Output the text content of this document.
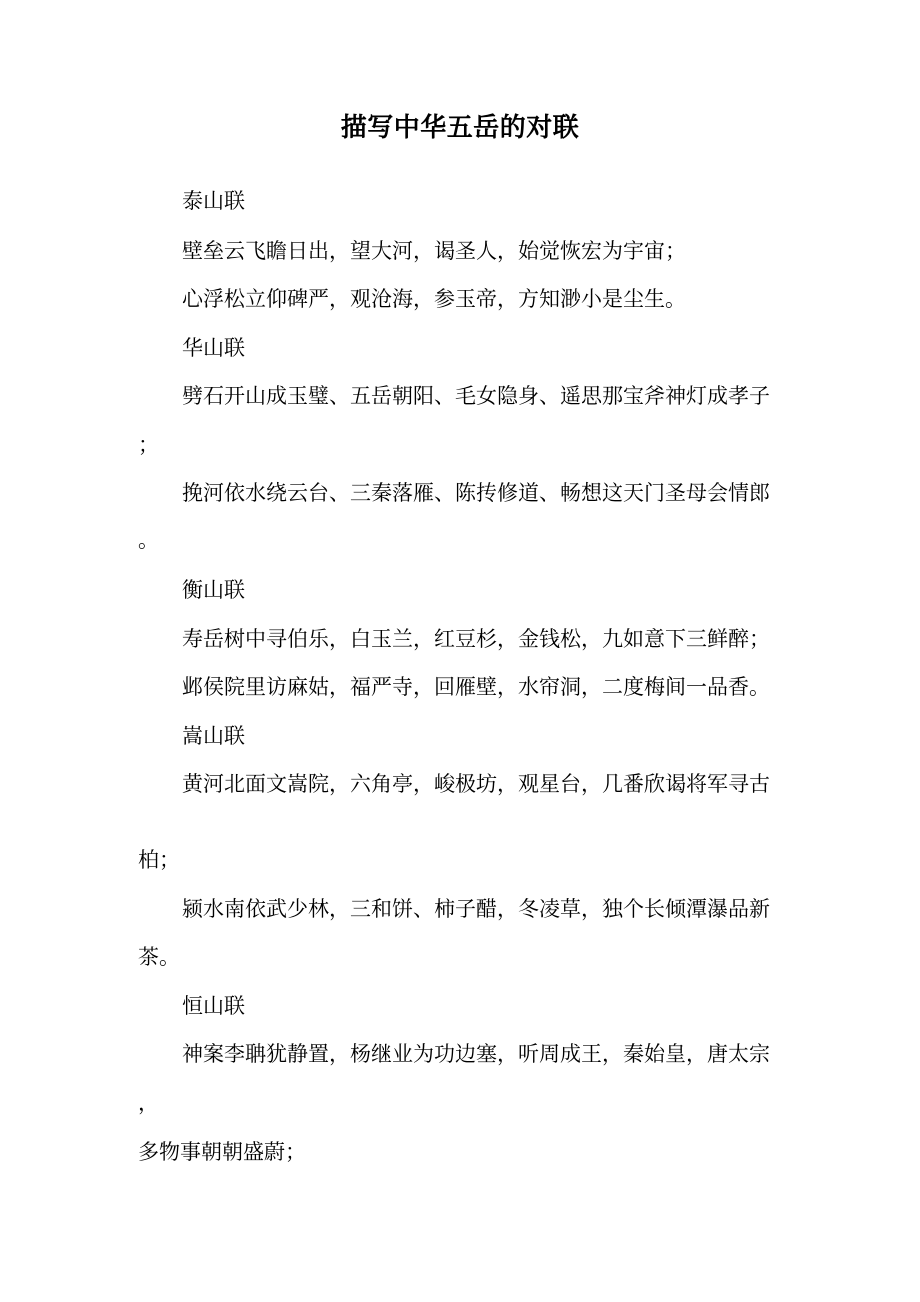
描写中华五岳的对联
泰山联
壁垒云飞瞻日出，望大河，谒圣人，始觉恢宏为宇宙；
心浮松立仰碑严，观沧海，参玉帝，方知渺小是尘生。
华山联
劈石开山成玉璧、五岳朝阳、毛女隐身、遥思那宝斧神灯成孝子
；
挽河依水绕云台、三秦落雁、陈抟修道、畅想这天门圣母会情郎
。
衡山联
寿岳树中寻伯乐，白玉兰，红豆杉，金钱松，九如意下三鲜醉；
邺侯院里访麻姑，福严寺，回雁壁，水帘洞，二度梅间一品香。
嵩山联
黄河北面文嵩院，六角亭，峻极坊，观星台，几番欣谒将军寻古
柏；
颍水南依武少林，三和饼、柿子醋，冬凌草，独个长倾潭瀑品新
茶。
恒山联
神案李聃犹静置，杨继业为功边塞，听周成王，秦始皇，唐太宗
，
多物事朝朝盛蔚；
